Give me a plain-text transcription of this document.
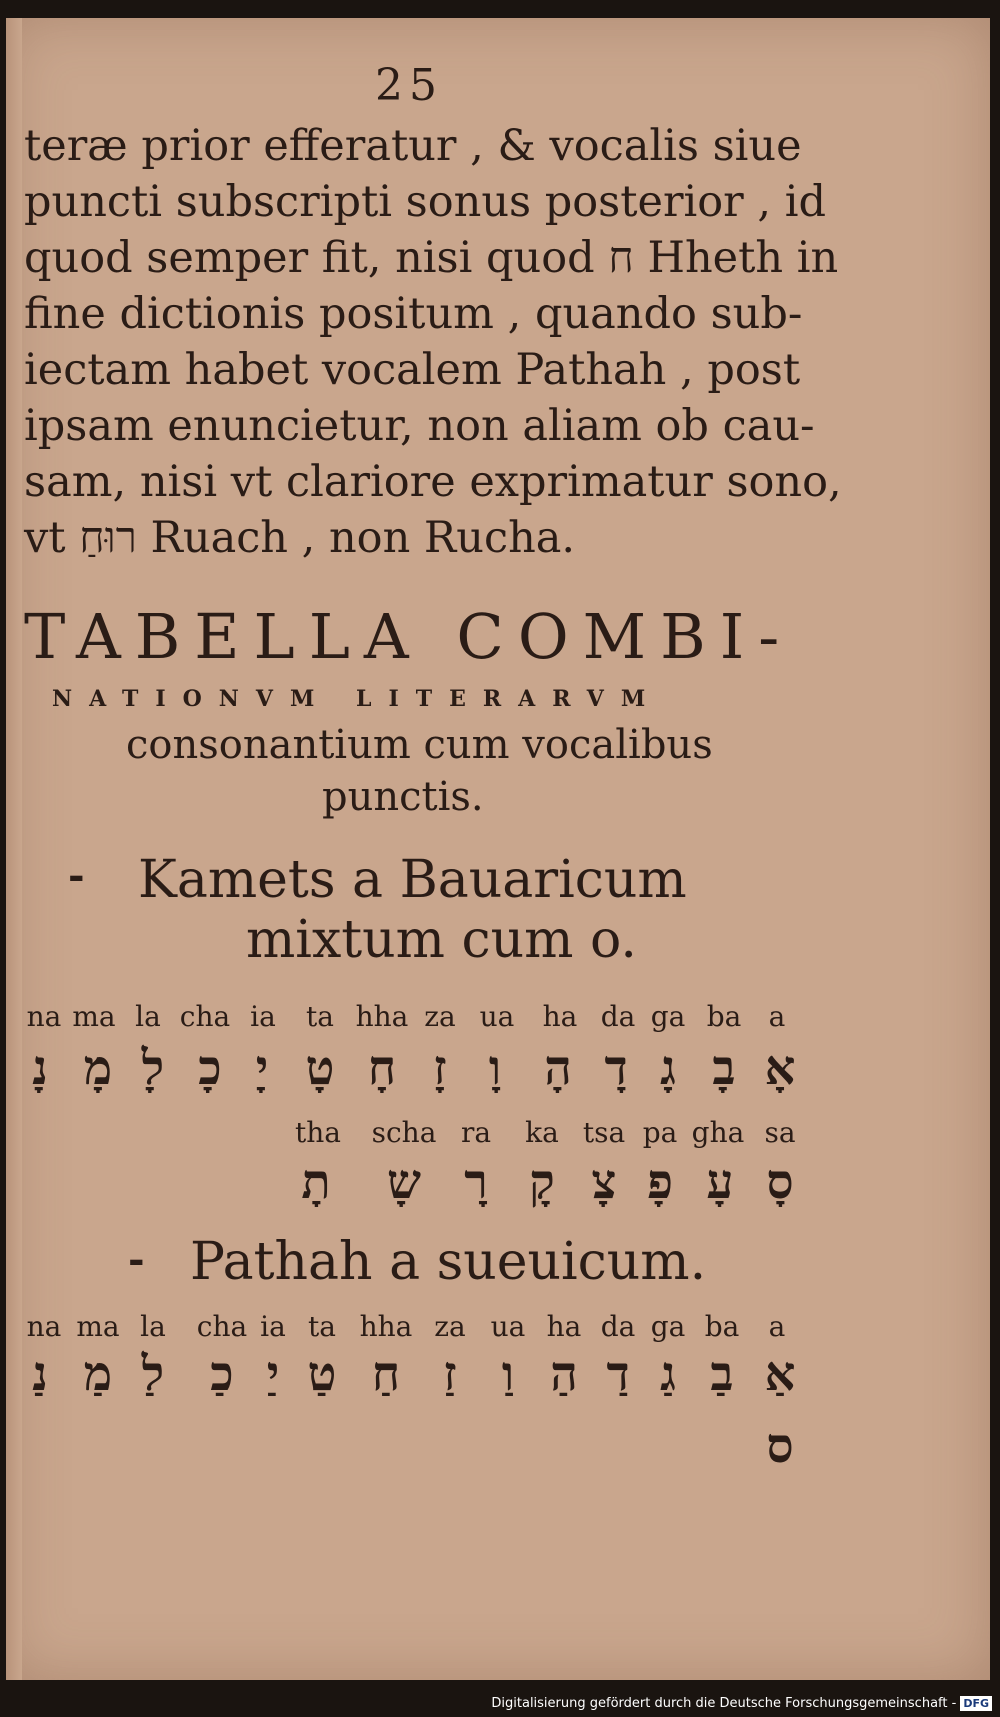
25

teræ prior efferatur , & vocalis siue
puncti subscripti sonus posterior , id
quod semper fit, nisi quod ח Hheth in
fine dictionis positum , quando sub-
iectam habet vocalem Pathah , post
ipsam enuncietur, non aliam ob cau-
sam, nisi vt clariore exprimatur sono,
vt רוּחַ Ruach , non Rucha.

TABELLA COMBI-
NATIONVM LITERARVM
consonantium cum vocalibus
punctis.
- Kamets a Bauaricum
mixtum cum o.
na ma la cha ia ta hha za ua ha da ga ba a
נָ מָ לָ כָ יָ טָ חָ זָ וָ הָ דָ גָ בָ אָ
tha scha ra ka tsa pa gha sa
תָ שָ רָ קָ צָ פָ עָ סָ
- Pathah a sueuicum.
na ma la cha ia ta hha za ua ha da ga ba a
נַ מַ לַ כַ יַ טַ חַ זַ וַ הַ דַ גַ בַ אַ
ס
Digitalisierung gefördert durch die Deutsche Forschungsgemeinschaft - DFG
